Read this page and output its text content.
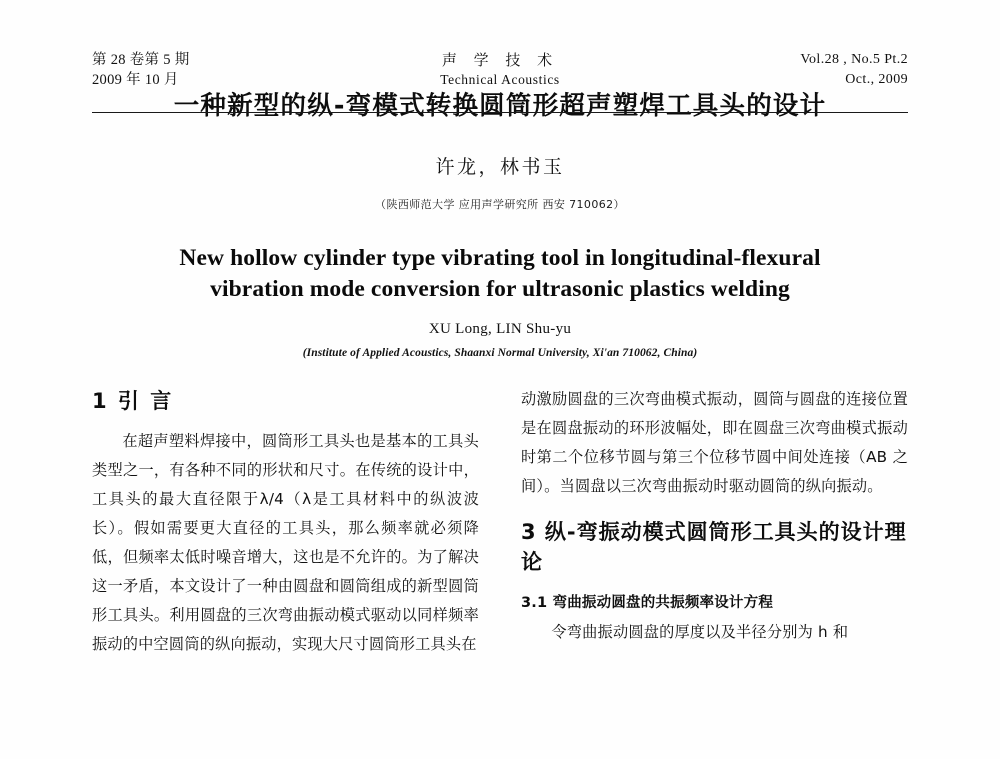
第 28 卷第 5 期
2009 年 10 月
声 学 技 术
Technical Acoustics
Vol.28 , No.5 Pt.2
Oct., 2009
一种新型的纵-弯模式转换圆筒形超声塑焊工具头的设计
许龙，林书玉
（陕西师范大学 应用声学研究所 西安 710062）
New hollow cylinder type vibrating tool in longitudinal-flexural
vibration mode conversion for ultrasonic plastics welding
XU Long, LIN Shu-yu
(Institute of Applied Acoustics, Shaanxi Normal University, Xi'an 710062, China)
1 引 言

在超声塑料焊接中，圆筒形工具头也是基本的工具头类型之一，有各种不同的形状和尺寸。在传统的设计中，工具头的最大直径限于λ/4（λ是工具材料中的纵波波长）。假如需要更大直径的工具头，那么频率就必须降低，但频率太低时噪音增大，这也是不允许的。为了解决这一矛盾，本文设计了一种由圆盘和圆筒组成的新型圆筒形工具头。利用圆盘的三次弯曲振动模式驱动以同样频率振动的中空圆筒的纵向振动，实现大尺寸圆筒形工具头在

动激励圆盘的三次弯曲模式振动，圆筒与圆盘的连接位置是在圆盘振动的环形波幅处，即在圆盘三次弯曲模式振动时第二个位移节圆与第三个位移节圆中间处连接（AB 之间）。当圆盘以三次弯曲振动时驱动圆筒的纵向振动。

3 纵-弯振动模式圆筒形工具头的设计理论
3.1 弯曲振动圆盘的共振频率设计方程

令弯曲振动圆盘的厚度以及半径分别为 h 和
